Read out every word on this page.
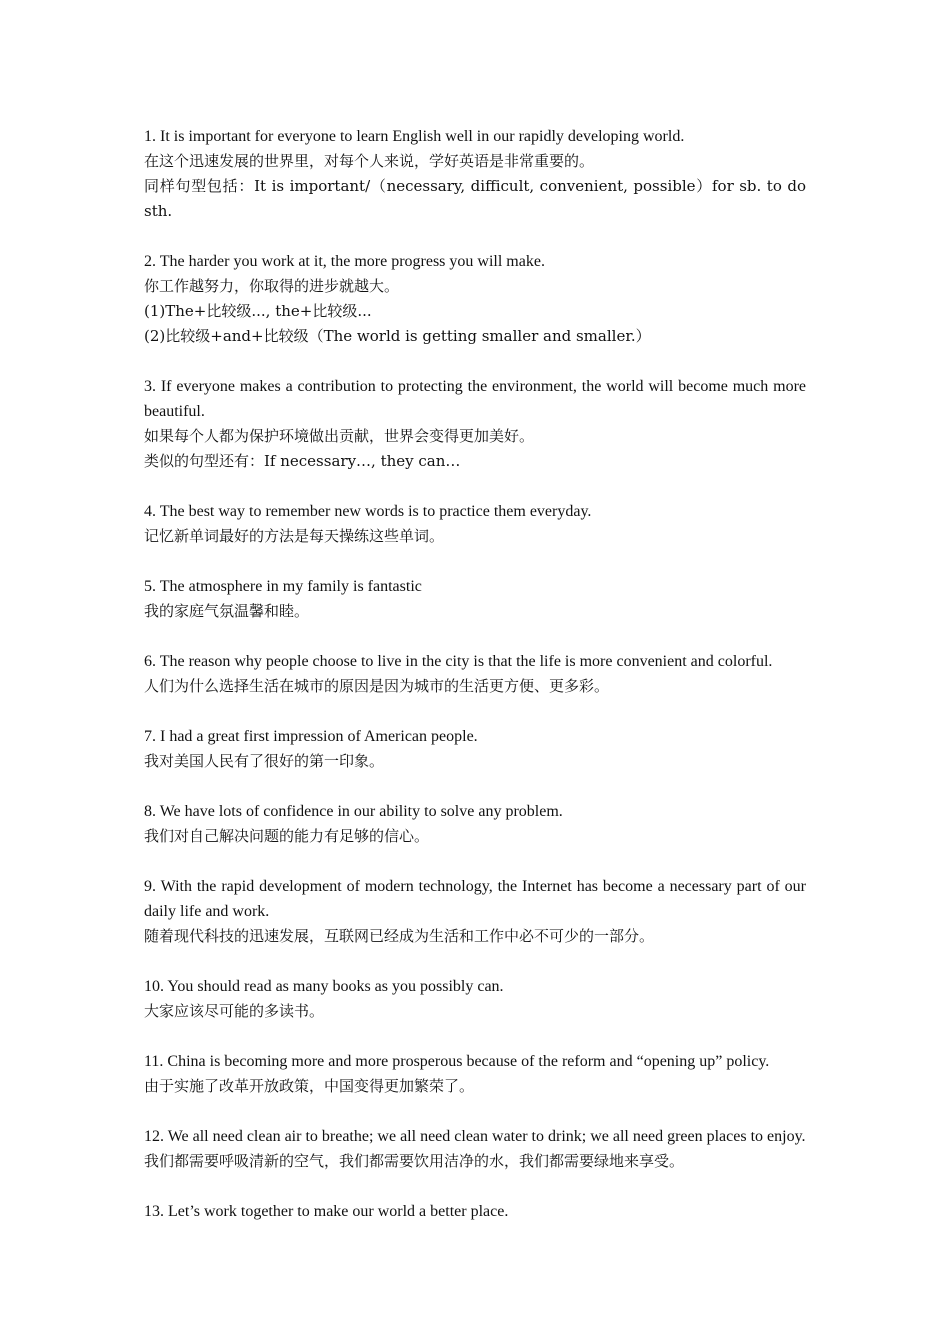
1. It is important for everyone to learn English well in our rapidly developing world.
在这个迅速发展的世界里，对每个人来说，学好英语是非常重要的。
同样句型包括：It is important/（necessary, difficult, convenient, possible）for sb. to do sth.
2. The harder you work at it, the more progress you will make.
你工作越努力，你取得的进步就越大。
(1)The+比较级..., the+比较级...
(2)比较级+and+比较级（The world is getting smaller and smaller.）
3. If everyone makes a contribution to protecting the environment, the world will become much more beautiful.
如果每个人都为保护环境做出贡献，世界会变得更加美好。
类似的句型还有：If necessary…, they can…
4. The best way to remember new words is to practice them everyday.
记忆新单词最好的方法是每天操练这些单词。
5. The atmosphere in my family is fantastic
我的家庭气氛温馨和睦。
6. The reason why people choose to live in the city is that the life is more convenient and colorful.
人们为什么选择生活在城市的原因是因为城市的生活更方便、更多彩。
7. I had a great first impression of American people.
我对美国人民有了很好的第一印象。
8. We have lots of confidence in our ability to solve any problem.
我们对自己解决问题的能力有足够的信心。
9. With the rapid development of modern technology, the Internet has become a necessary part of our daily life and work.
随着现代科技的迅速发展，互联网已经成为生活和工作中必不可少的一部分。
10. You should read as many books as you possibly can.
大家应该尽可能的多读书。
11. China is becoming more and more prosperous because of the reform and “opening up” policy.
由于实施了改革开放政策，中国变得更加繁荣了。
12. We all need clean air to breathe; we all need clean water to drink; we all need green places to enjoy.
我们都需要呼吸清新的空气，我们都需要饮用洁净的水，我们都需要绿地来享受。
13. Let’s work together to make our world a better place.
